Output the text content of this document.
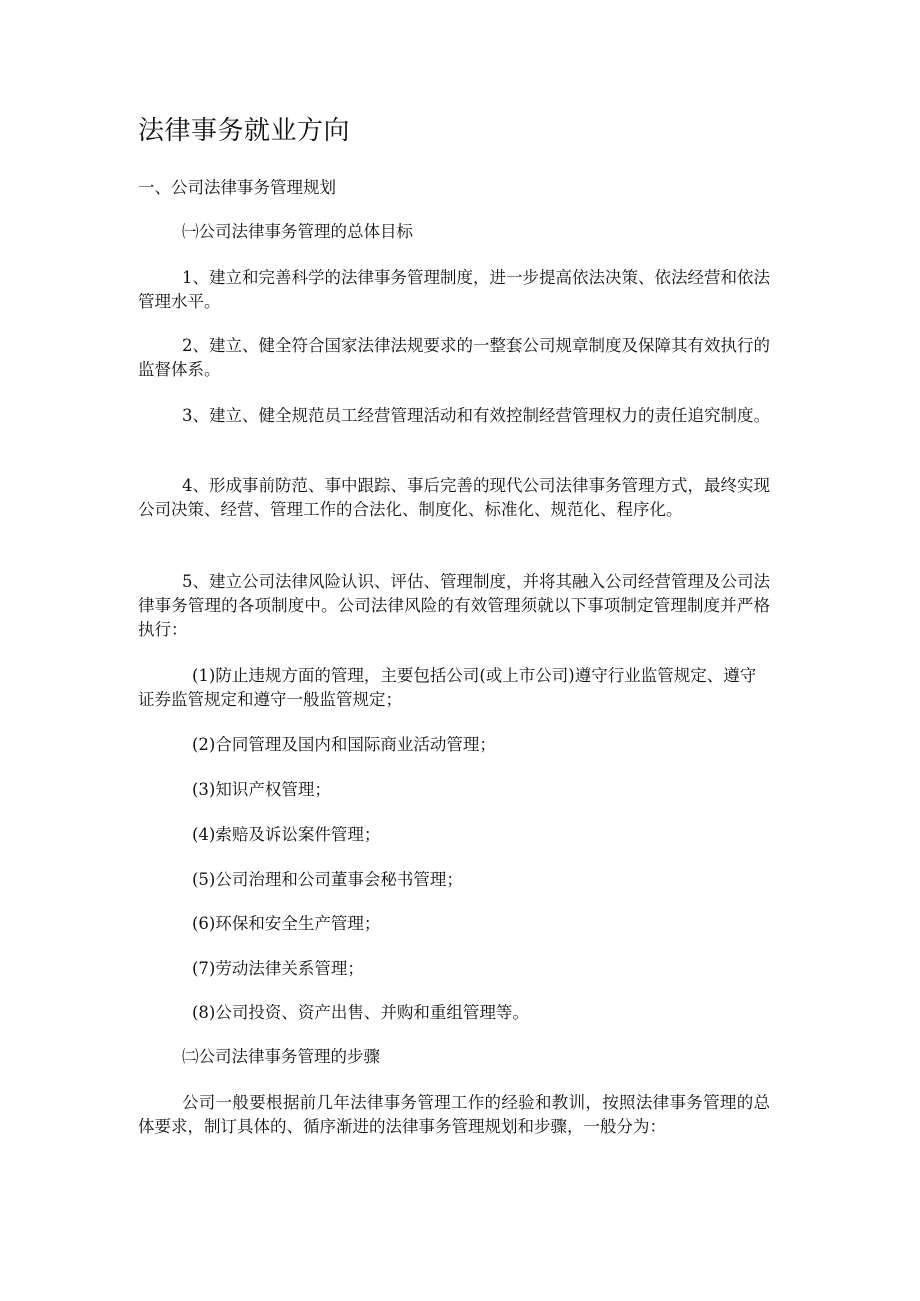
法律事务就业方向
一、公司法律事务管理规划
㈠公司法律事务管理的总体目标
1、建立和完善科学的法律事务管理制度，进一步提高依法决策、依法经营和依法管理水平。
2、建立、健全符合国家法律法规要求的一整套公司规章制度及保障其有效执行的监督体系。
3、建立、健全规范员工经营管理活动和有效控制经营管理权力的责任追究制度。
4、形成事前防范、事中跟踪、事后完善的现代公司法律事务管理方式，最终实现公司决策、经营、管理工作的合法化、制度化、标准化、规范化、程序化。
5、建立公司法律风险认识、评估、管理制度，并将其融入公司经营管理及公司法律事务管理的各项制度中。公司法律风险的有效管理须就以下事项制定管理制度并严格执行：
(1)防止违规方面的管理，主要包括公司(或上市公司)遵守行业监管规定、遵守证券监管规定和遵守一般监管规定；
(2)合同管理及国内和国际商业活动管理；
(3)知识产权管理；
(4)索赔及诉讼案件管理；
(5)公司治理和公司董事会秘书管理；
(6)环保和安全生产管理；
(7)劳动法律关系管理；
(8)公司投资、资产出售、并购和重组管理等。
㈡公司法律事务管理的步骤
公司一般要根据前几年法律事务管理工作的经验和教训，按照法律事务管理的总体要求，制订具体的、循序渐进的法律事务管理规划和步骤，一般分为：
